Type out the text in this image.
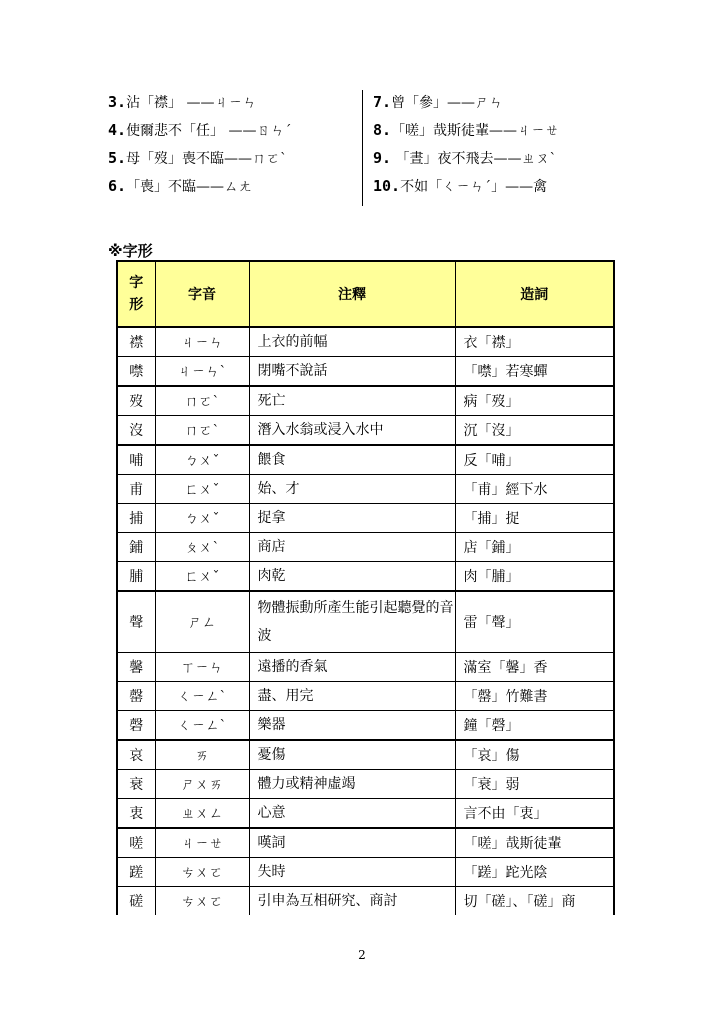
3.沾「襟」 ——ㄐㄧㄣ
4.使爾悲不「任」 ——ㄖㄣˊ
5.母「歿」喪不臨——ㄇㄛˋ
6.「喪」不臨——ㄙㄤ
7.曾「參」——ㄕㄣ
8.「嗟」哉斯徒輩——ㄐㄧㄝ
9. 「晝」夜不飛去——ㄓㄡˋ
10.不如「ㄑㄧㄣˊ」——禽
※字形
字
形	字音	注釋	造詞
襟	ㄐㄧㄣ	上衣的前幅	衣「襟」
噤	ㄐㄧㄣˋ	閉嘴不說話	「噤」若寒蟬
歿	ㄇㄛˋ	死亡	病「歿」
沒	ㄇㄛˋ	潛入水翁或浸入水中	沉「沒」
哺	ㄅㄨˇ	餵食	反「哺」
甫	ㄈㄨˇ	始、才	「甫」經下水
捕	ㄅㄨˇ	捉拿	「捕」捉
鋪	ㄆㄨˋ	商店	店「鋪」
脯	ㄈㄨˇ	肉乾	肉「脯」
聲	ㄕㄥ	物體振動所產生能引起聽覺的音波	雷「聲」
馨	ㄒㄧㄣ	遠播的香氣	滿室「馨」香
罄	ㄑㄧㄥˋ	盡、用完	「罄」竹難書
磬	ㄑㄧㄥˋ	樂器	鐘「磬」
哀	ㄞ	憂傷	「哀」傷
衰	ㄕㄨㄞ	體力或精神虛竭	「衰」弱
衷	ㄓㄨㄥ	心意	言不由「衷」
嗟	ㄐㄧㄝ	嘆詞	「嗟」哉斯徒輩
蹉	ㄘㄨㄛ	失時	「蹉」跎光陰
磋	ㄘㄨㄛ	引申為互相研究、商討	切「磋」、「磋」商
2
